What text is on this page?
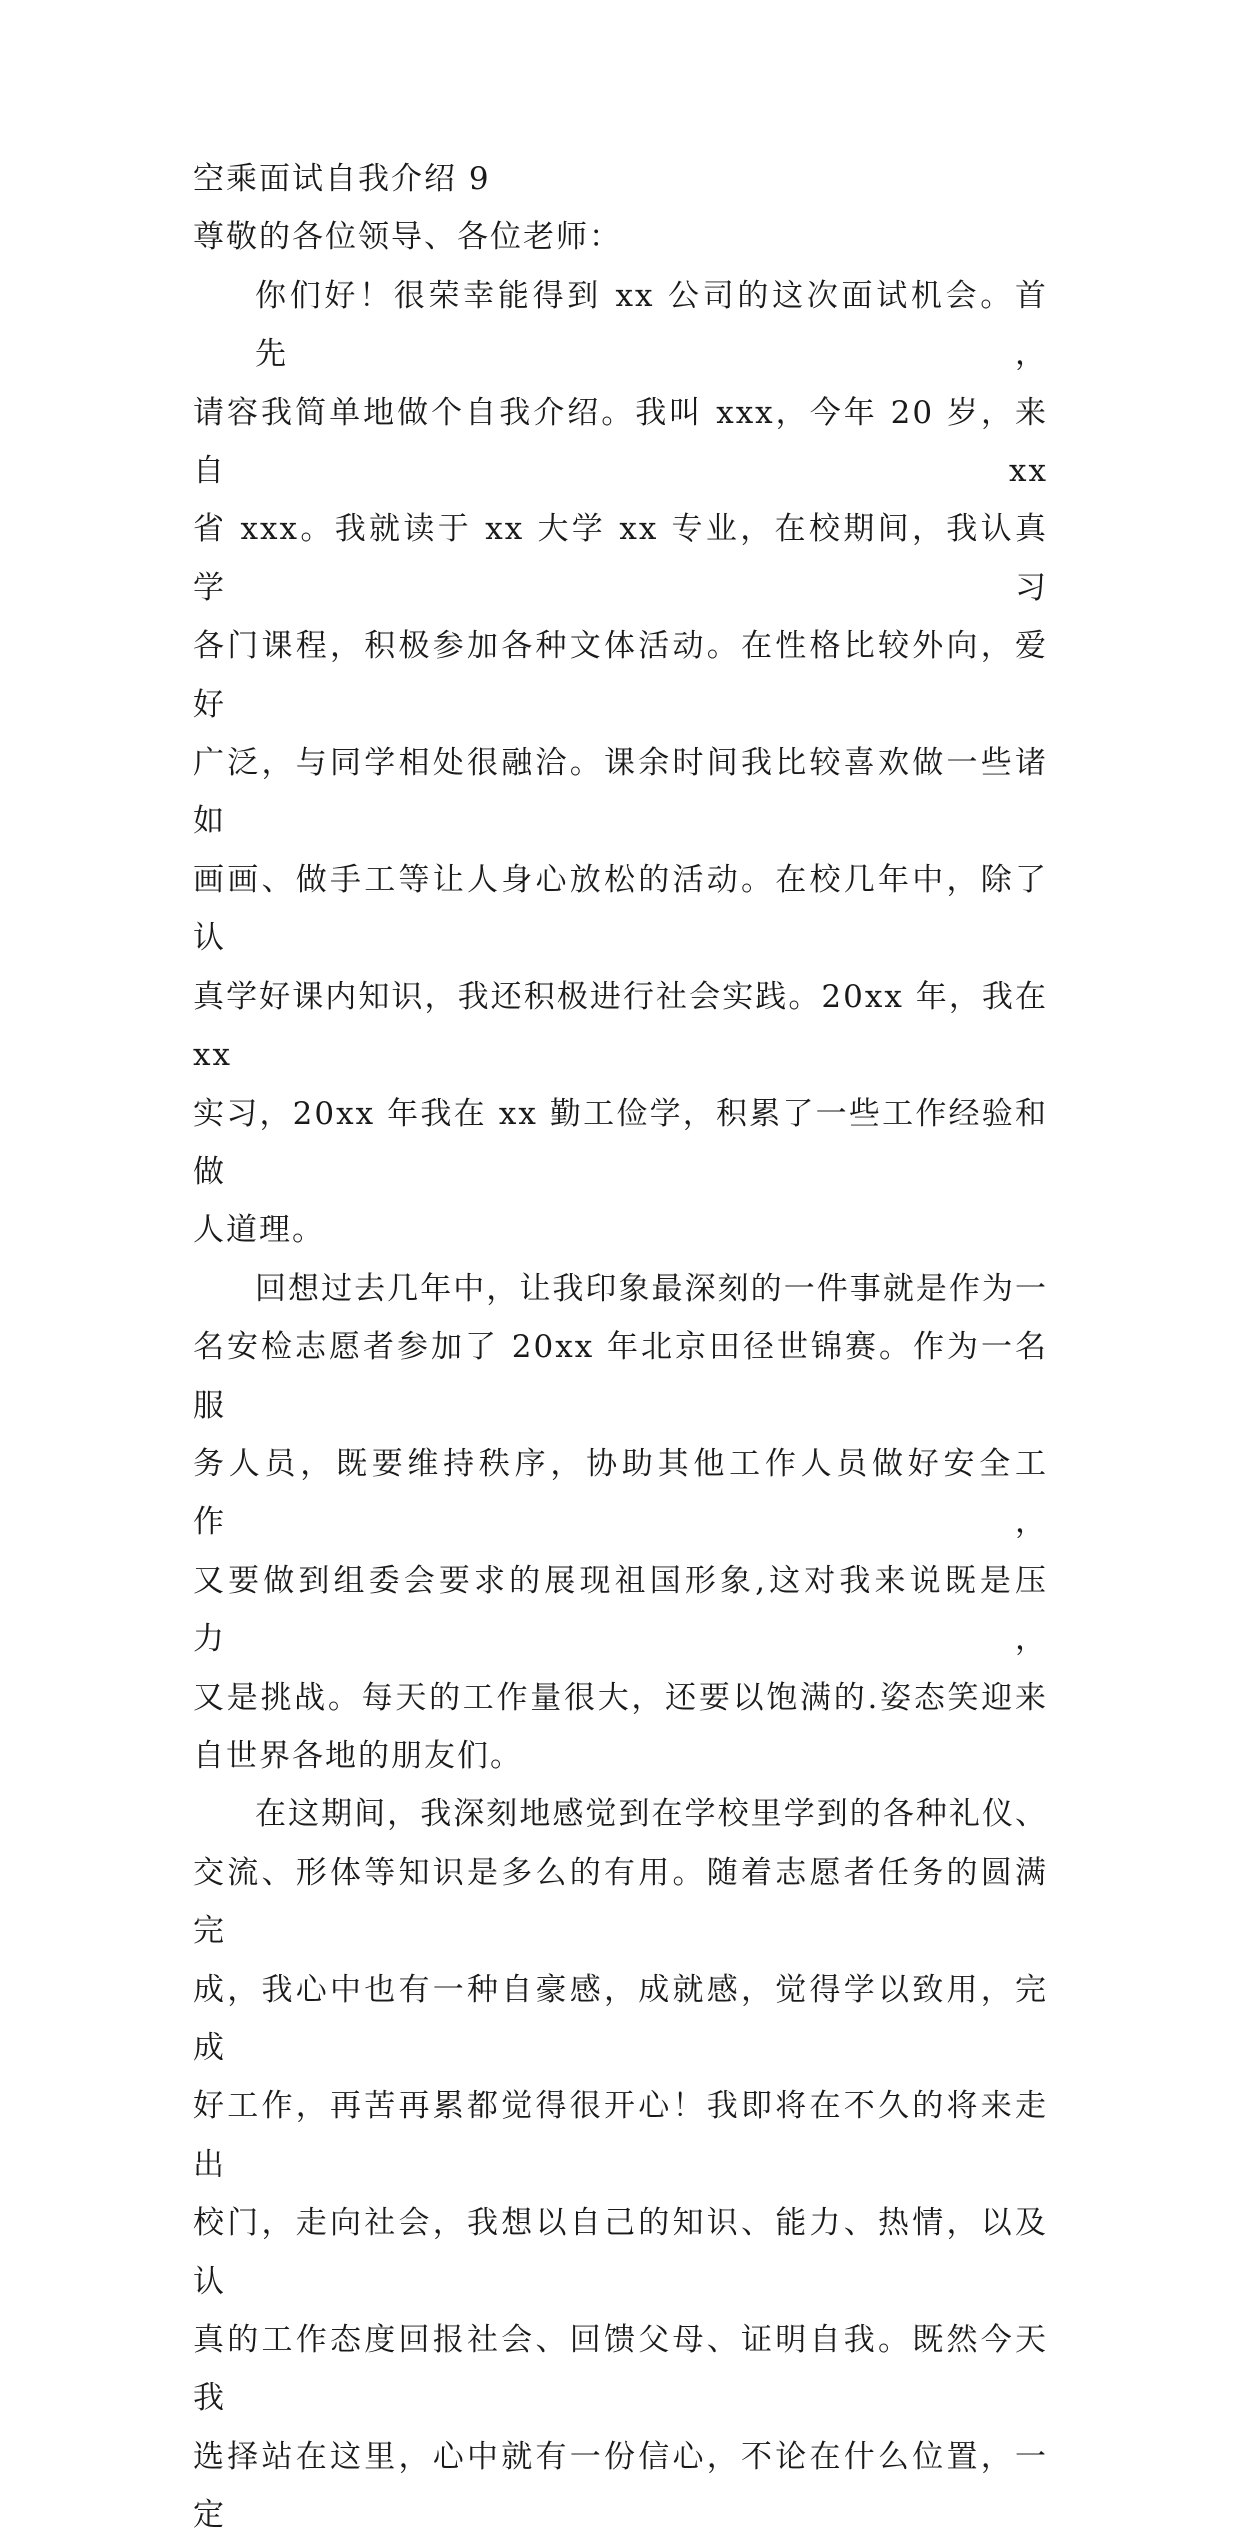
空乘面试自我介绍 9
尊敬的各位领导、各位老师：
你们好！很荣幸能得到 xx 公司的这次面试机会。首先，
请容我简单地做个自我介绍。我叫 xxx，今年 20 岁，来自 xx
省 xxx。我就读于 xx 大学 xx 专业，在校期间，我认真学习
各门课程，积极参加各种文体活动。在性格比较外向，爱好
广泛，与同学相处很融洽。课余时间我比较喜欢做一些诸如
画画、做手工等让人身心放松的活动。在校几年中，除了认
真学好课内知识，我还积极进行社会实践。20xx 年，我在 xx
实习，20xx 年我在 xx 勤工俭学，积累了一些工作经验和做
人道理。
回想过去几年中，让我印象最深刻的一件事就是作为一
名安检志愿者参加了 20xx 年北京田径世锦赛。作为一名服
务人员，既要维持秩序，协助其他工作人员做好安全工作，
又要做到组委会要求的展现祖国形象,这对我来说既是压力，
又是挑战。每天的工作量很大，还要以饱满的.姿态笑迎来
自世界各地的朋友们。
在这期间，我深刻地感觉到在学校里学到的各种礼仪、
交流、形体等知识是多么的有用。随着志愿者任务的圆满完
成，我心中也有一种自豪感，成就感，觉得学以致用，完成
好工作，再苦再累都觉得很开心！我即将在不久的将来走出
校门，走向社会，我想以自己的知识、能力、热情，以及认
真的工作态度回报社会、回馈父母、证明自我。既然今天我
选择站在这里，心中就有一份信心，不论在什么位置，一定
